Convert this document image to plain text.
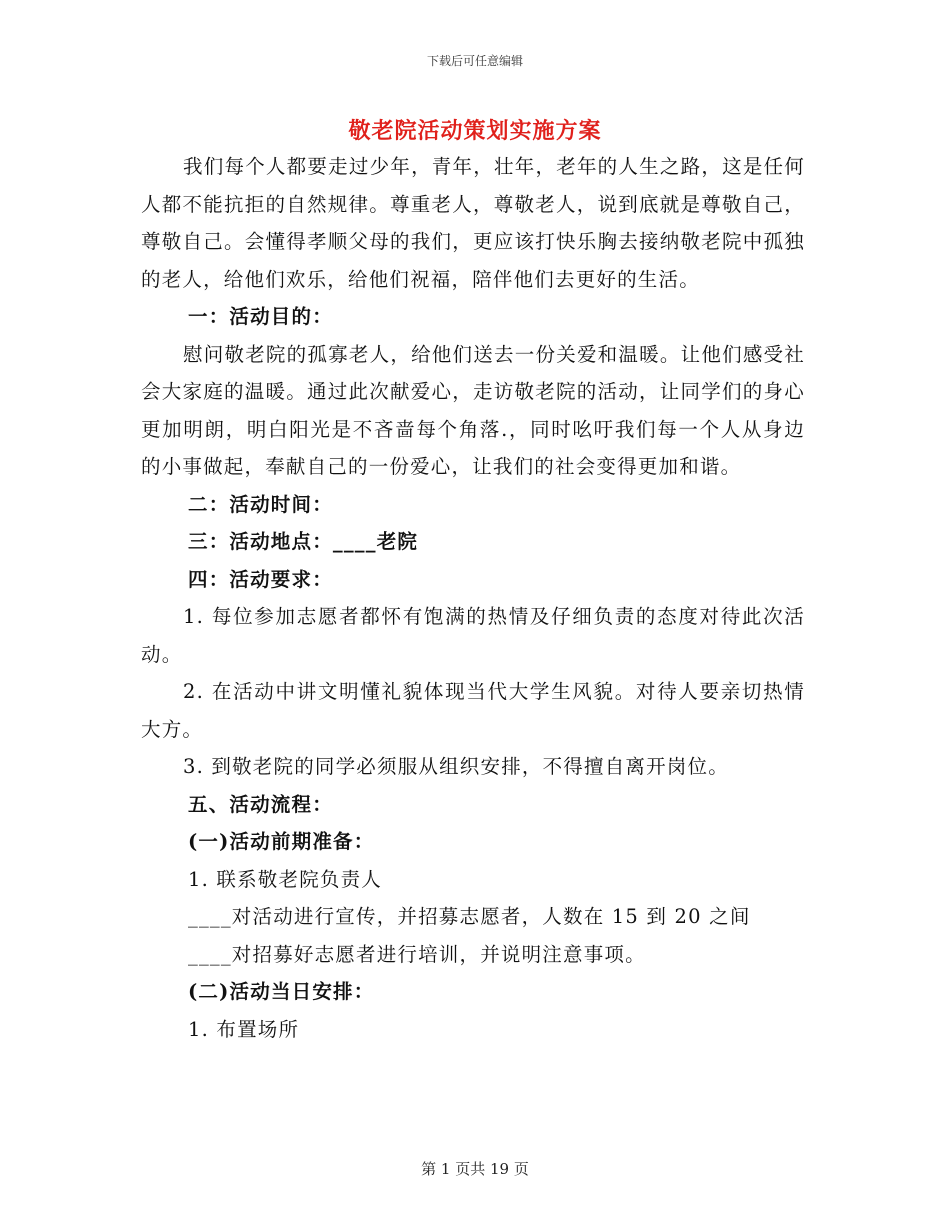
下载后可任意编辑
敬老院活动策划实施方案

我们每个人都要走过少年，青年，壮年，老年的人生之路，这是任何人都不能抗拒的自然规律。尊重老人，尊敬老人，说到底就是尊敬自己，尊敬自己。会懂得孝顺父母的我们，更应该打快乐胸去接纳敬老院中孤独的老人，给他们欢乐，给他们祝福，陪伴他们去更好的生活。

一：活动目的：

慰问敬老院的孤寡老人，给他们送去一份关爱和温暖。让他们感受社会大家庭的温暖。通过此次献爱心，走访敬老院的活动，让同学们的身心更加明朗，明白阳光是不吝啬每个角落.，同时吆吁我们每一个人从身边的小事做起，奉献自己的一份爱心，让我们的社会变得更加和谐。

二：活动时间：

三：活动地点：____老院

四：活动要求：

1. 每位参加志愿者都怀有饱满的热情及仔细负责的态度对待此次活动。

2. 在活动中讲文明懂礼貌体现当代大学生风貌。对待人要亲切热情大方。

3. 到敬老院的同学必须服从组织安排，不得擅自离开岗位。

五、活动流程：

(一)活动前期准备：

1. 联系敬老院负责人

____对活动进行宣传，并招募志愿者，人数在 15 到 20 之间

____对招募好志愿者进行培训，并说明注意事项。

(二)活动当日安排：

1. 布置场所

第 1 页共 19 页
